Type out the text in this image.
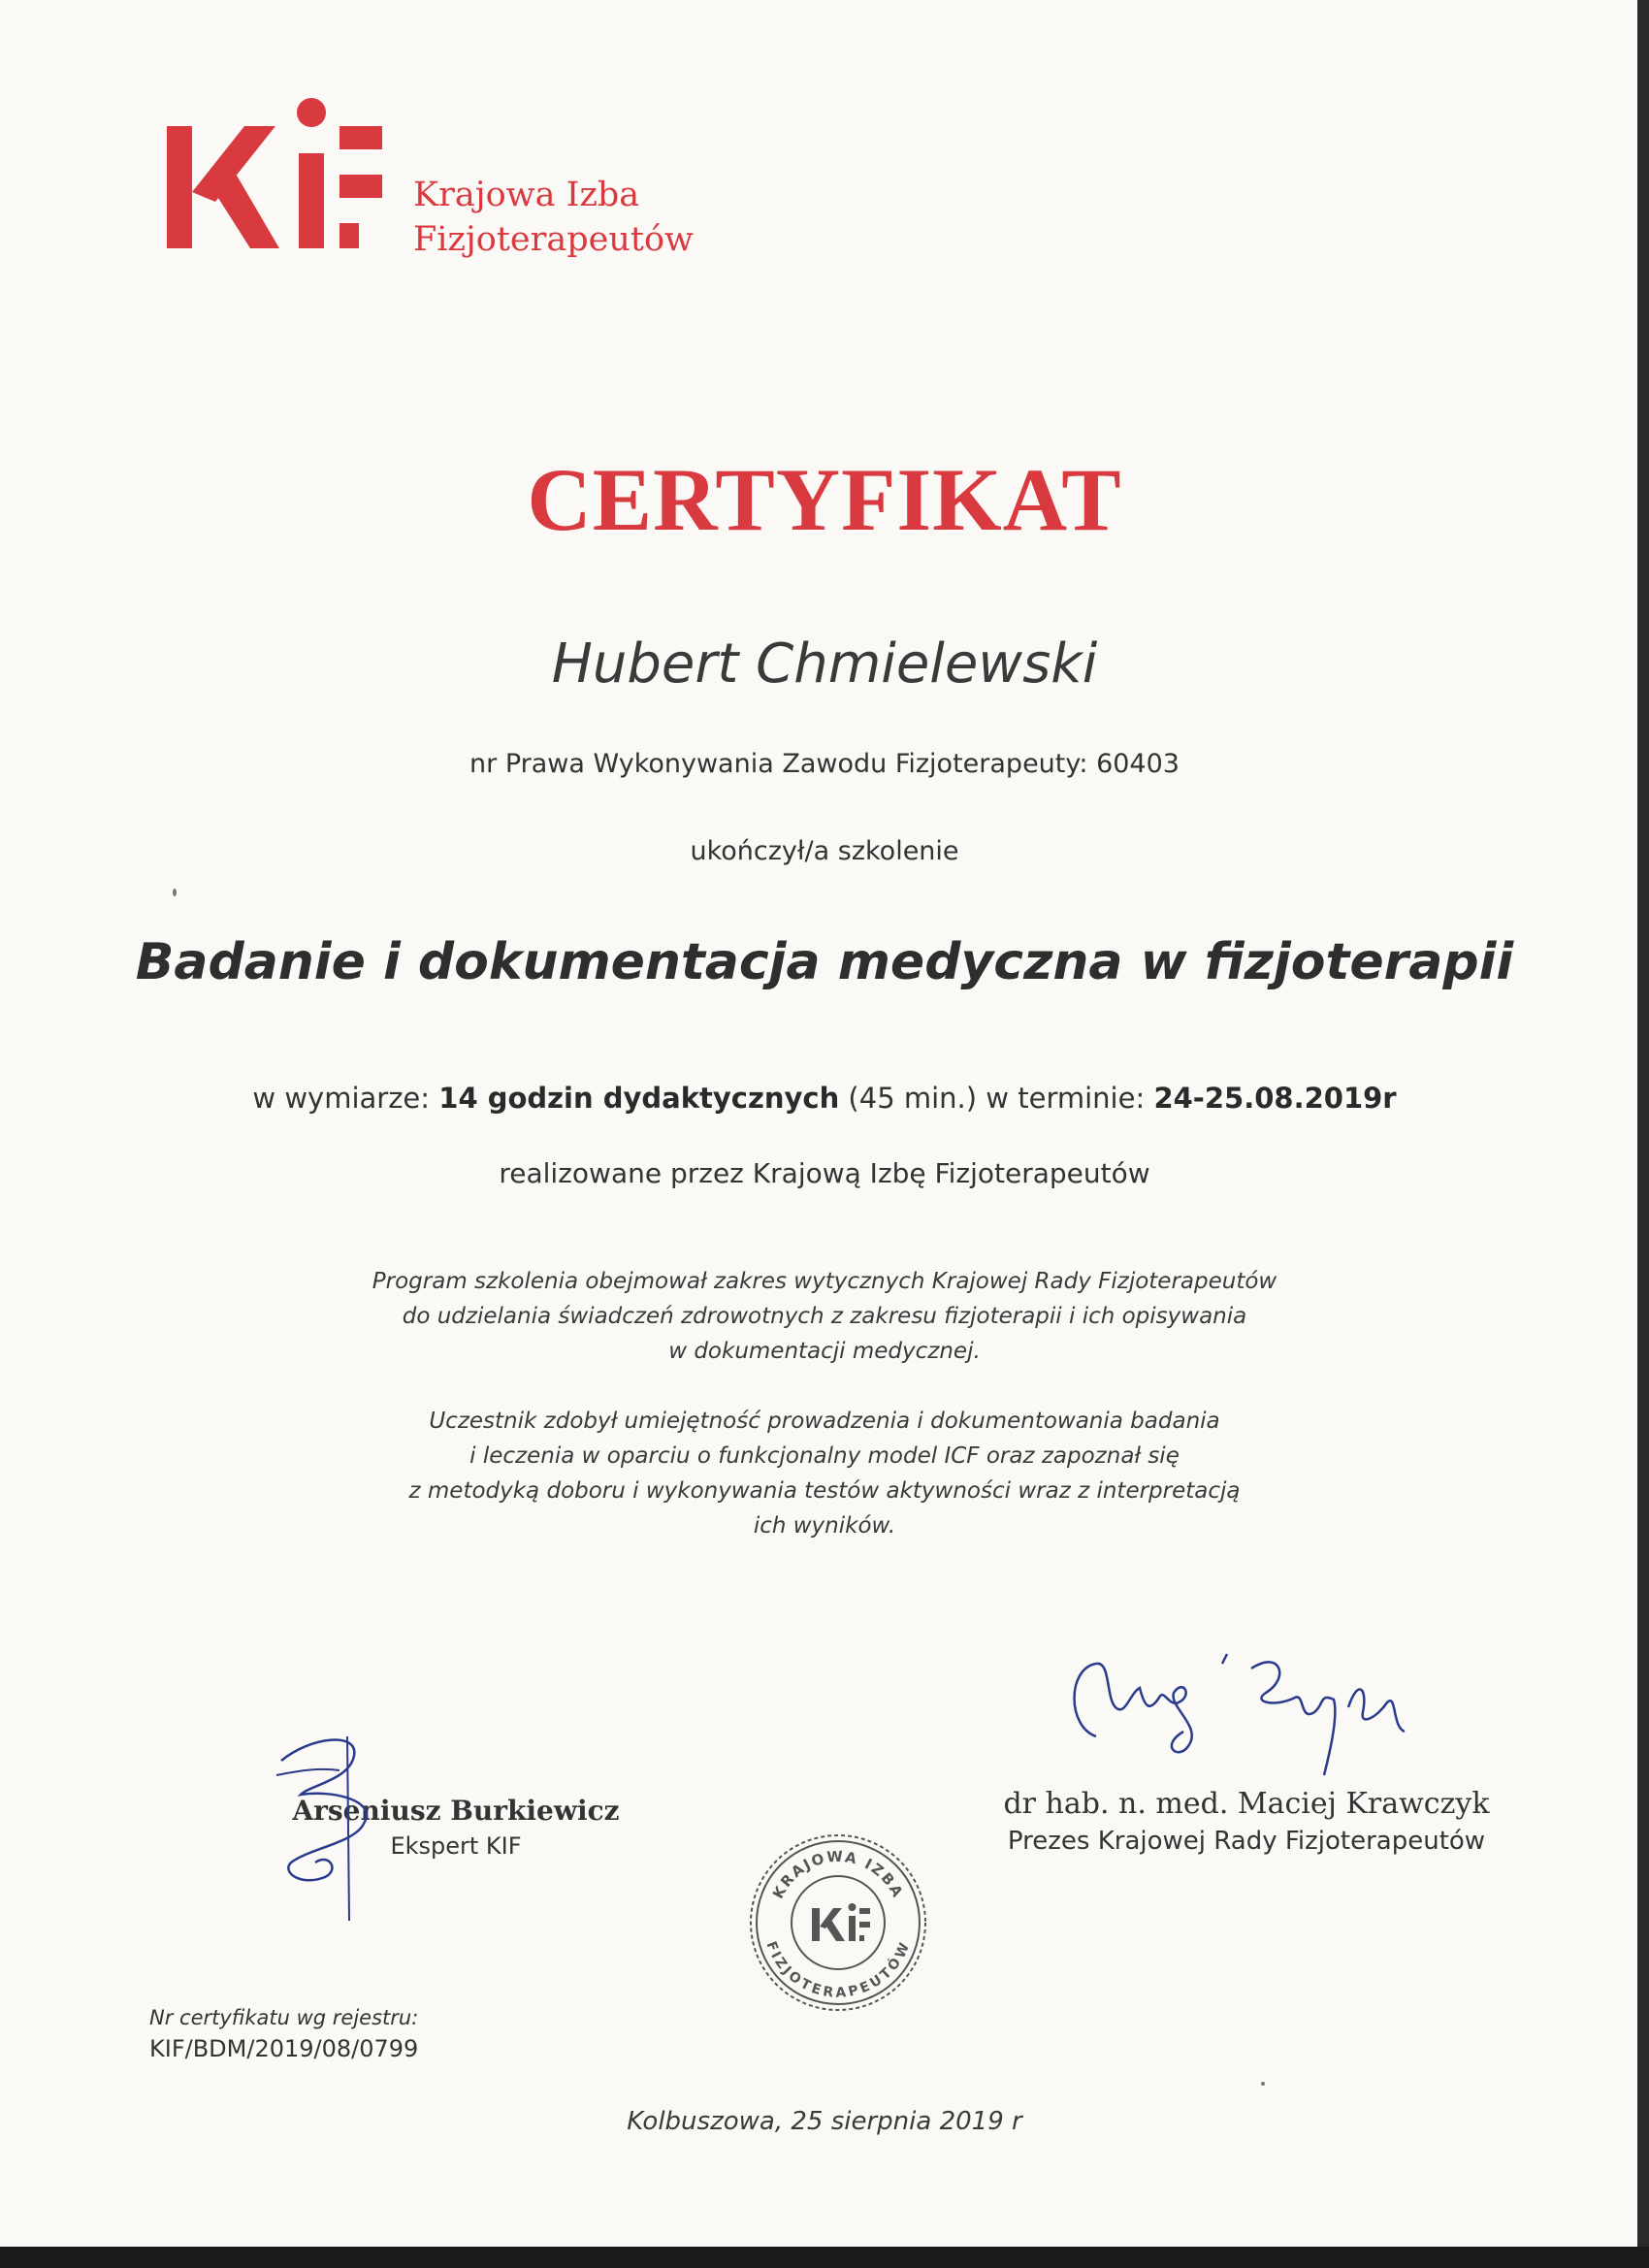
Krajowa Izba
Fizjoterapeutów
CERTYFIKAT
Hubert Chmielewski
nr Prawa Wykonywania Zawodu Fizjoterapeuty: 60403
ukończył/a szkolenie
Badanie i dokumentacja medyczna w fizjoterapii
w wymiarze: 14 godzin dydaktycznych (45 min.) w terminie: 24-25.08.2019r
realizowane przez Krajową Izbę Fizjoterapeutów
Program szkolenia obejmował zakres wytycznych Krajowej Rady Fizjoterapeutów
do udzielania świadczeń zdrowotnych z zakresu fizjoterapii i ich opisywania
w dokumentacji medycznej.
Uczestnik zdobył umiejętność prowadzenia i dokumentowania badania
i leczenia w oparciu o funkcjonalny model ICF oraz zapoznał się
z metodyką doboru i wykonywania testów aktywności wraz z interpretacją
ich wyników.
Arseniusz Burkiewicz
Ekspert KIF
dr hab. n. med. Maciej Krawczyk
Prezes Krajowej Rady Fizjoterapeutów
KRAJOWA IZBA
FIZJOTERAPEUTÓW
Nr certyfikatu wg rejestru:
KIF/BDM/2019/08/0799
Kolbuszowa, 25 sierpnia 2019 r
